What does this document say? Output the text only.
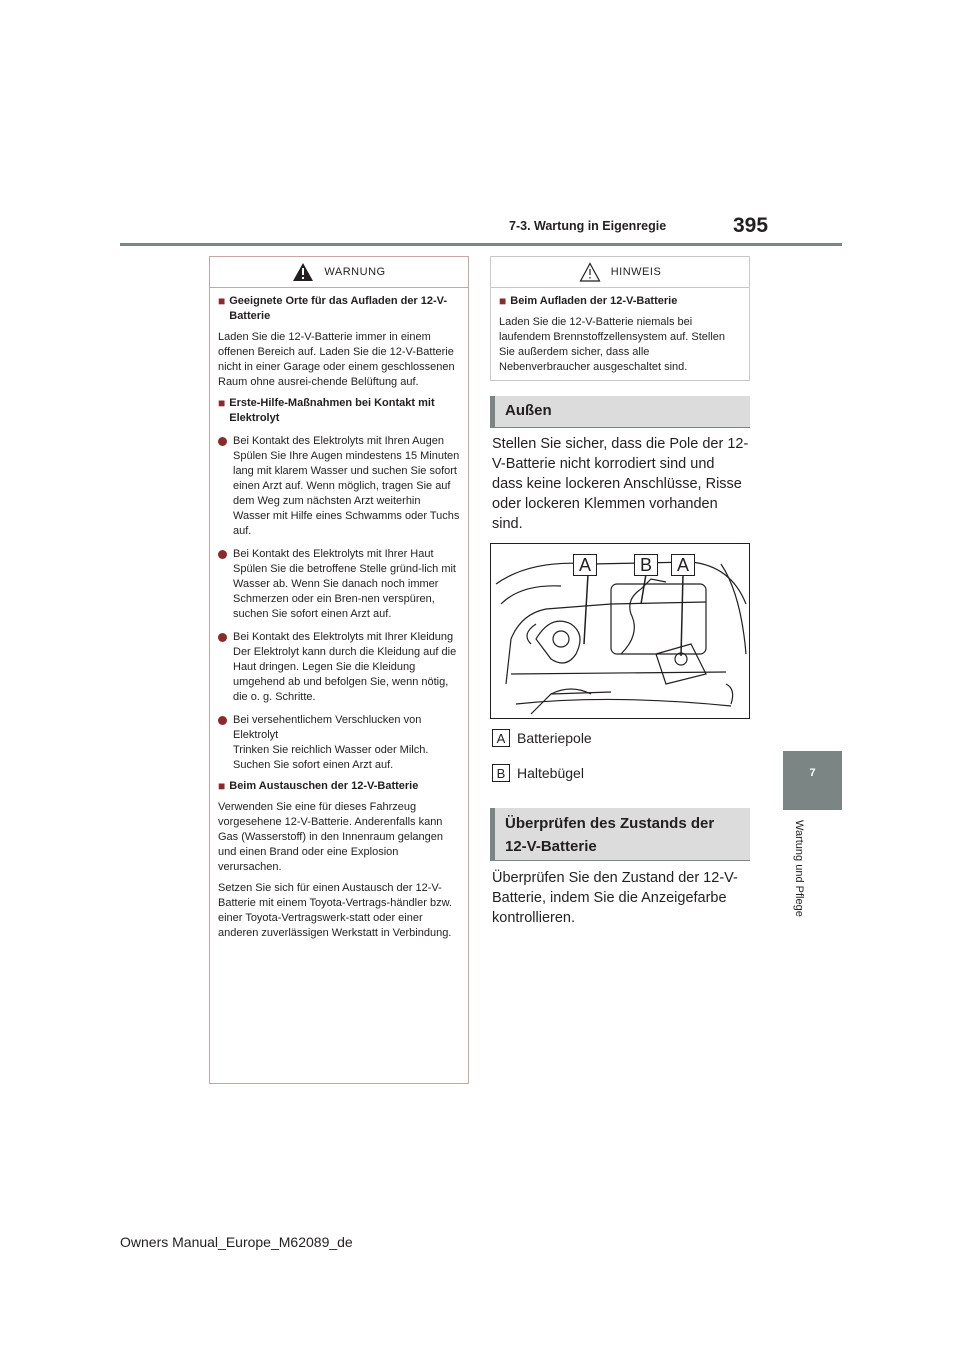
395
7-3. Wartung in Eigenregie
7
Wartung und Pflege
WARNUNG
■ Geeignete Orte für das Aufladen der 12-V-Batterie
Laden Sie die 12-V-Batterie immer in einem offenen Bereich auf. Laden Sie die 12-V-Batterie nicht in einer Garage oder einem geschlossenen Raum ohne ausrei-chende Belüftung auf.
■ Erste-Hilfe-Maßnahmen bei Kontakt mit Elektrolyt
Bei Kontakt des Elektrolyts mit Ihren Augen
Spülen Sie Ihre Augen mindestens 15 Minuten lang mit klarem Wasser und suchen Sie sofort einen Arzt auf. Wenn möglich, tragen Sie auf dem Weg zum nächsten Arzt weiterhin Wasser mit Hilfe eines Schwamms oder Tuchs auf.
Bei Kontakt des Elektrolyts mit Ihrer Haut
Spülen Sie die betroffene Stelle gründ-lich mit Wasser ab. Wenn Sie danach noch immer Schmerzen oder ein Bren-nen verspüren, suchen Sie sofort einen Arzt auf.
Bei Kontakt des Elektrolyts mit Ihrer Kleidung
Der Elektrolyt kann durch die Kleidung auf die Haut dringen. Legen Sie die Kleidung umgehend ab und befolgen Sie, wenn nötig, die o. g. Schritte.
Bei versehentlichem Verschlucken von Elektrolyt
Trinken Sie reichlich Wasser oder Milch. Suchen Sie sofort einen Arzt auf.
■ Beim Austauschen der 12-V-Batterie
Verwenden Sie eine für dieses Fahrzeug vorgesehene 12-V-Batterie. Anderenfalls kann Gas (Wasserstoff) in den Innenraum gelangen und einen Brand oder eine Explosion verursachen.
Setzen Sie sich für einen Austausch der 12-V-Batterie mit einem Toyota-Vertrags-händler bzw. einer Toyota-Vertragswerk-statt oder einer anderen zuverlässigen Werkstatt in Verbindung.
HINWEIS
■ Beim Aufladen der 12-V-Batterie
Laden Sie die 12-V-Batterie niemals bei laufendem Brennstoffzellensystem auf. Stellen Sie außerdem sicher, dass alle Nebenverbraucher ausgeschaltet sind.
Außen
Stellen Sie sicher, dass die Pole der 12-
V-Batterie nicht korrodiert sind und
dass keine lockeren Anschlüsse, Risse
oder lockeren Klemmen vorhanden
sind.
A	B	A
A Batteriepole
B Haltebügel
Überprüfen des Zustands der 12-V-Batterie
Überprüfen Sie den Zustand der 12-V-
Batterie, indem Sie die Anzeigefarbe
kontrollieren.
Owners Manual_Europe_M62089_de
